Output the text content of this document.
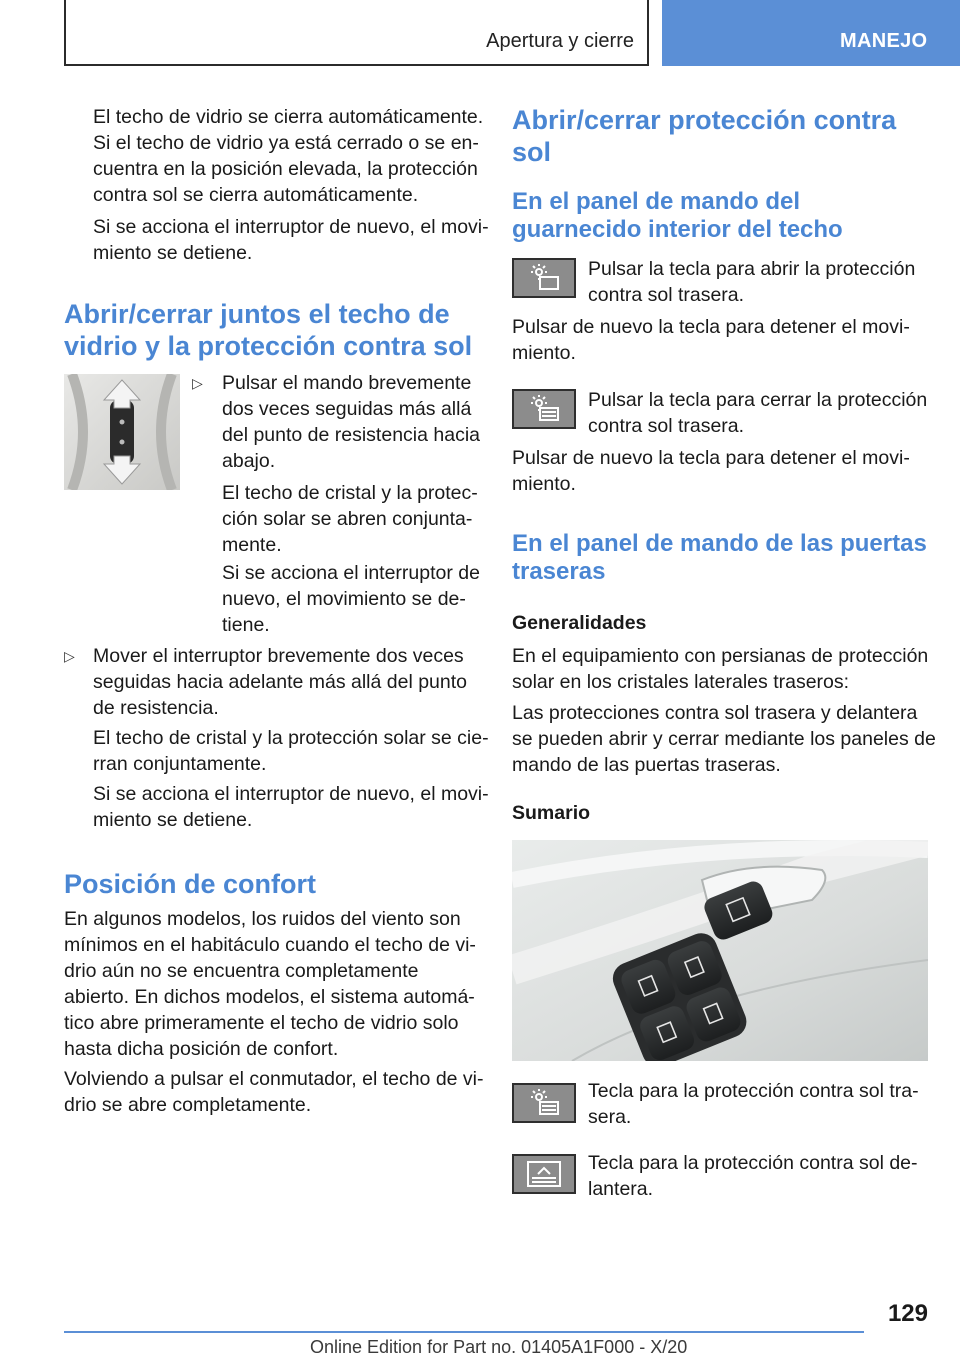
Apertura y cierre	MANEJO
El techo de vidrio se cierra automáticamente.
Si el techo de vidrio ya está cerrado o se en-
cuentra en la posición elevada, la protección
contra sol se cierra automáticamente.
Si se acciona el interruptor de nuevo, el movi-
miento se detiene.
Abrir/cerrar juntos el techo de
vidrio y la protección contra sol
▷ Pulsar el mando brevemente
dos veces seguidas más allá
del punto de resistencia hacia
abajo.
El techo de cristal y la protec-
ción solar se abren conjunta-
mente.
Si se acciona el interruptor de
nuevo, el movimiento se de-
tiene.
▷ Mover el interruptor brevemente dos veces
seguidas hacia adelante más allá del punto
de resistencia.
El techo de cristal y la protección solar se cie-
rran conjuntamente.
Si se acciona el interruptor de nuevo, el movi-
miento se detiene.
Posición de confort
En algunos modelos, los ruidos del viento son
mínimos en el habitáculo cuando el techo de vi-
drio aún no se encuentra completamente
abierto. En dichos modelos, el sistema automá-
tico abre primeramente el techo de vidrio solo
hasta dicha posición de confort.
Volviendo a pulsar el conmutador, el techo de vi-
drio se abre completamente.
Abrir/cerrar protección contra
sol
En el panel de mando del
guarnecido interior del techo
Pulsar la tecla para abrir la protección
contra sol trasera.
Pulsar de nuevo la tecla para detener el movi-
miento.
Pulsar la tecla para cerrar la protección
contra sol trasera.
Pulsar de nuevo la tecla para detener el movi-
miento.
En el panel de mando de las puertas
traseras
Generalidades
En el equipamiento con persianas de protección
solar en los cristales laterales traseros:
Las protecciones contra sol trasera y delantera
se pueden abrir y cerrar mediante los paneles de
mando de las puertas traseras.
Sumario
Tecla para la protección contra sol tra-
sera.
Tecla para la protección contra sol de-
lantera.
129
Online Edition for Part no. 01405A1F000 - X/20
